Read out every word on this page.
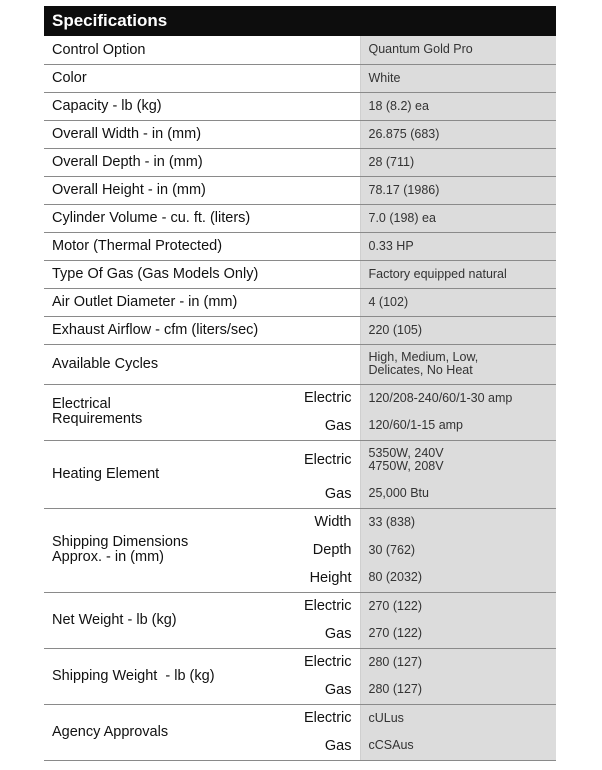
Specifications
Control Option		Quantum Gold Pro
Color		White
Capacity - lb (kg)		18 (8.2) ea
Overall Width - in (mm)		26.875 (683)
Overall Depth - in (mm)		28 (711)
Overall Height - in (mm)		78.17 (1986)
Cylinder Volume - cu. ft. (liters)		7.0 (198) ea
Motor (Thermal Protected)		0.33 HP
Type Of Gas (Gas Models Only)		Factory equipped natural
Air Outlet Diameter - in (mm)		4 (102)
Exhaust Airflow - cfm (liters/sec)		220 (105)
Available Cycles		High, Medium, Low,
Delicates, No Heat

Electrical
Requirements	Electric	120/208-240/60/1-30 amp
	Gas	120/60/1-15 amp
Heating Element	Electric	5350W, 240V
4750W, 208V

	Gas	25,000 Btu

Shipping Dimensions
Approx. - in (mm)	Width	33 (838)
	Depth	30 (762)
	Height	80 (2032)
Net Weight - lb (kg)	Electric	270 (122)
	Gas	270 (122)
Shipping Weight  - lb (kg)	Electric	280 (127)
	Gas	280 (127)
Agency Approvals	Electric	cULus
	Gas	cCSAus
